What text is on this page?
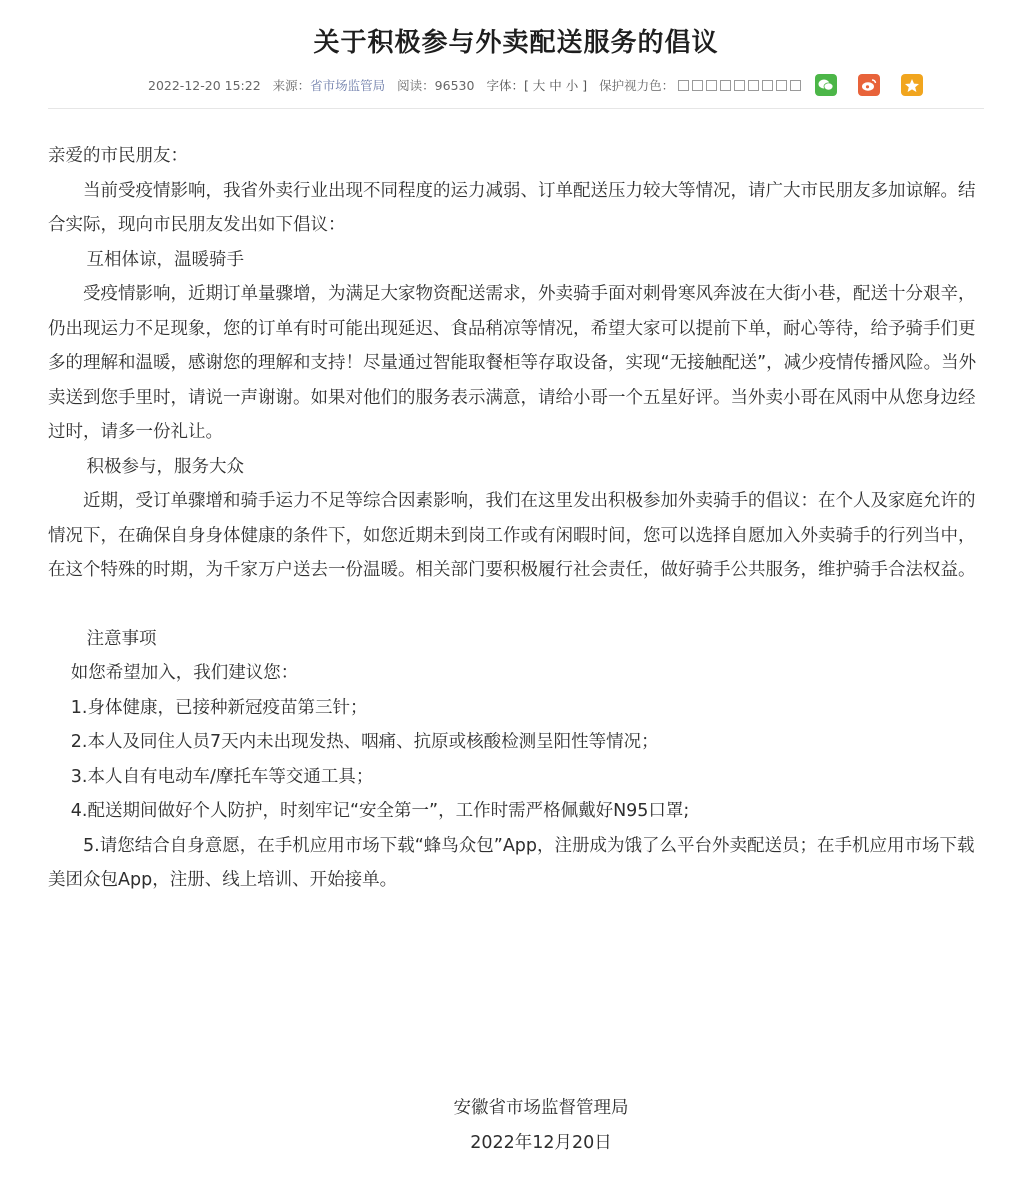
关于积极参与外卖配送服务的倡议
2022-12-20 15:22 来源：省市场监管局 阅读：96530 字体：[ 大 中 小 ] 保护视力色：

亲爱的市民朋友：

当前受疫情影响，我省外卖行业出现不同程度的运力减弱、订单配送压力较大等情况，请广大市民朋友多加谅解。结合实际，现向市民朋友发出如下倡议：

互相体谅，温暖骑手

受疫情影响，近期订单量骤增，为满足大家物资配送需求，外卖骑手面对刺骨寒风奔波在大街小巷，配送十分艰辛，仍出现运力不足现象，您的订单有时可能出现延迟、食品稍凉等情况，希望大家可以提前下单，耐心等待，给予骑手们更多的理解和温暖，感谢您的理解和支持！尽量通过智能取餐柜等存取设备，实现“无接触配送”，减少疫情传播风险。当外卖送到您手里时，请说一声谢谢。如果对他们的服务表示满意，请给小哥一个五星好评。当外卖小哥在风雨中从您身边经过时，请多一份礼让。

积极参与，服务大众

近期，受订单骤增和骑手运力不足等综合因素影响，我们在这里发出积极参加外卖骑手的倡议：在个人及家庭允许的情况下，在确保自身身体健康的条件下，如您近期未到岗工作或有闲暇时间，您可以选择自愿加入外卖骑手的行列当中，在这个特殊的时期，为千家万户送去一份温暖。相关部门要积极履行社会责任，做好骑手公共服务，维护骑手合法权益。

注意事项

如您希望加入，我们建议您：

1.身体健康，已接种新冠疫苗第三针；

2.本人及同住人员7天内未出现发热、咽痛、抗原或核酸检测呈阳性等情况；

3.本人自有电动车/摩托车等交通工具；

4.配送期间做好个人防护，时刻牢记“安全第一”，工作时需严格佩戴好N95口罩;

5.请您结合自身意愿，在手机应用市场下载“蜂鸟众包”App，注册成为饿了么平台外卖配送员；在手机应用市场下载美团众包App，注册、线上培训、开始接单。

安徽省市场监督管理局
2022年12月20日
